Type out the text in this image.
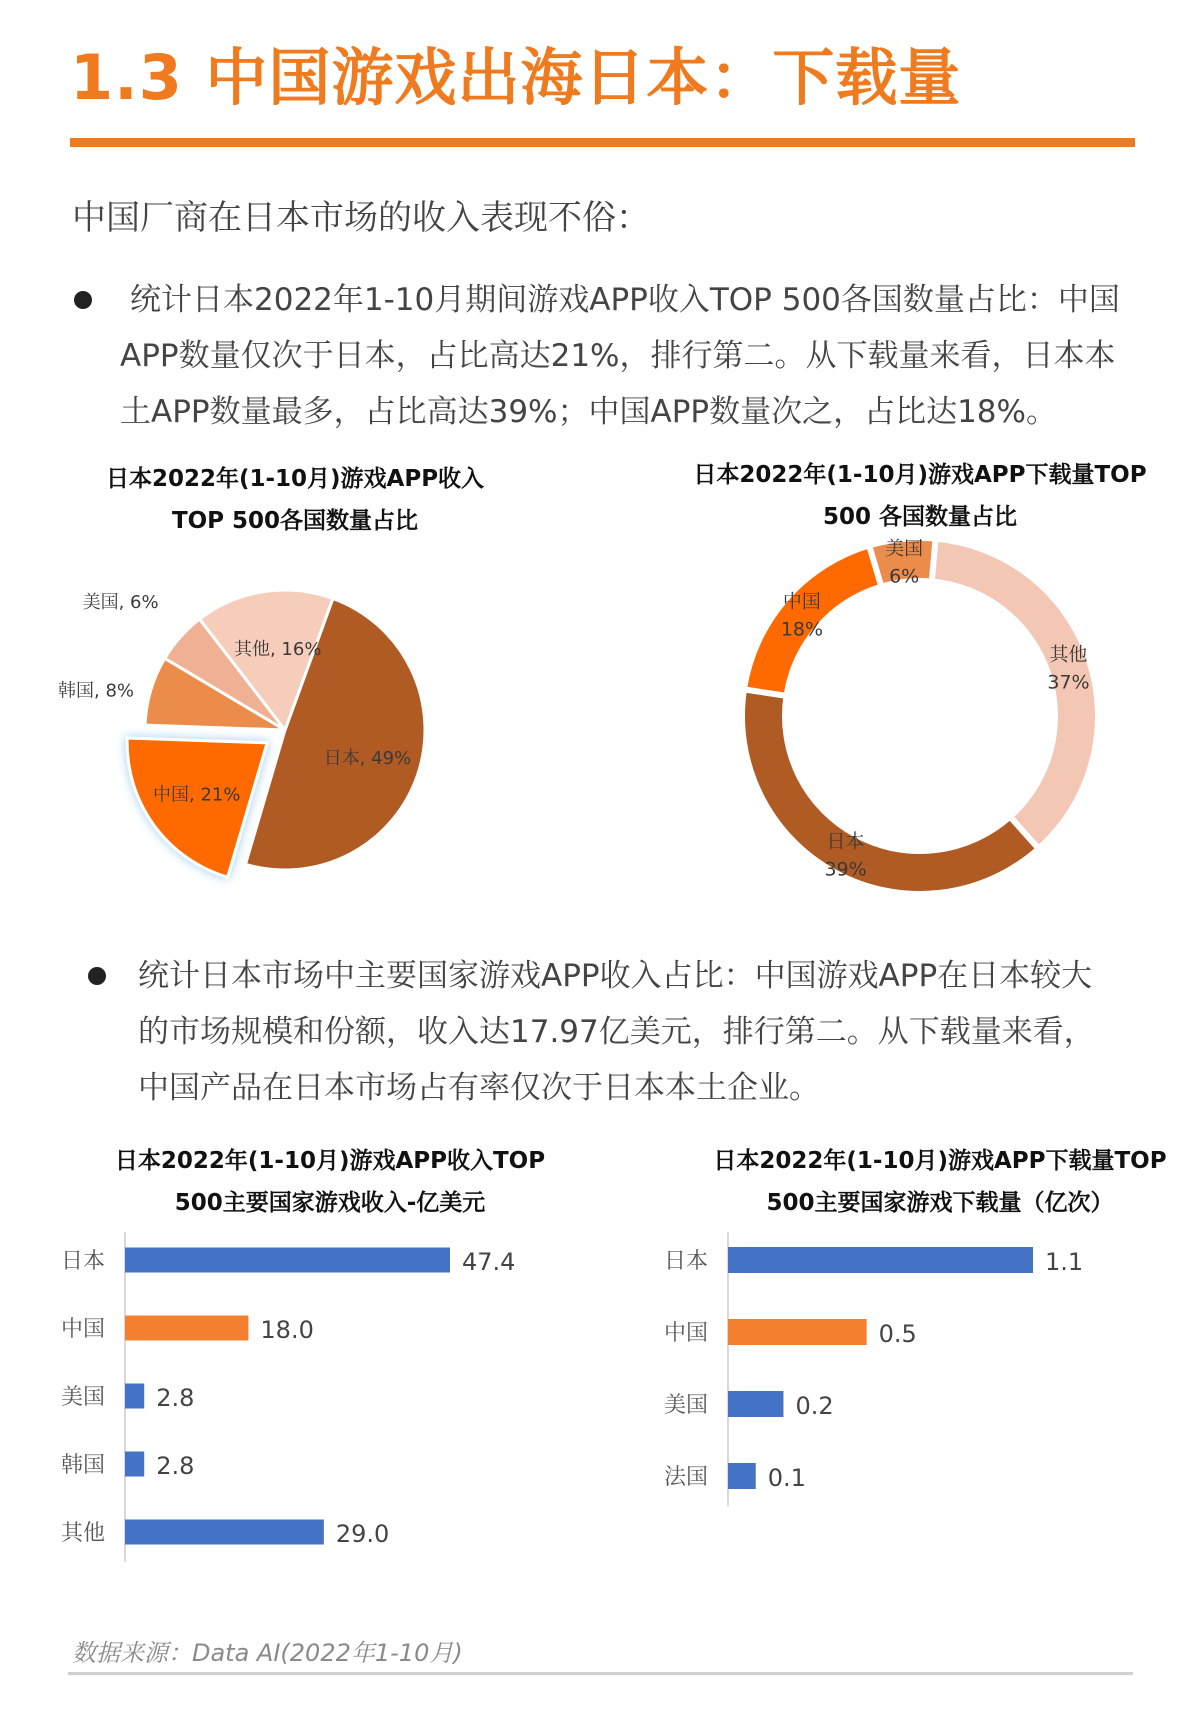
1.3 中国游戏出海日本：下载量
中国厂商在日本市场的收入表现不俗：

统计日本2022年1-10月期间游戏APP收入TOP 500各国数量占比：中国

APP数量仅次于日本，占比高达21%，排行第二。从下载量来看，日本本

土APP数量最多，占比高达39%；中国APP数量次之，占比达18%。

日本2022年(1-10月)游戏APP收入
TOP 500各国数量占比
日本, 49%
中国, 21%
韩国, 8%
美国, 6%
其他, 16%
日本2022年(1-10月)游戏APP下载量TOP
500 各国数量占比
其他
37%
日本
39%
中国
18%
美国
6%

统计日本市场中主要国家游戏APP收入占比：中国游戏APP在日本较大

的市场规模和份额，收入达17.97亿美元，排行第二。从下载量来看，

中国产品在日本市场占有率仅次于日本本土企业。

日本2022年(1-10月)游戏APP收入TOP
500主要国家游戏收入-亿美元
日本	47.4
中国	18.0
美国 2.8
韩国 2.8
其他	29.0
日本2022年(1-10月)游戏APP下载量TOP
500主要国家游戏下载量（亿次）
日本	1.1
中国	0.5
美国	0.2
法国 0.1
数据来源：Data AI(2022年1-10月)
